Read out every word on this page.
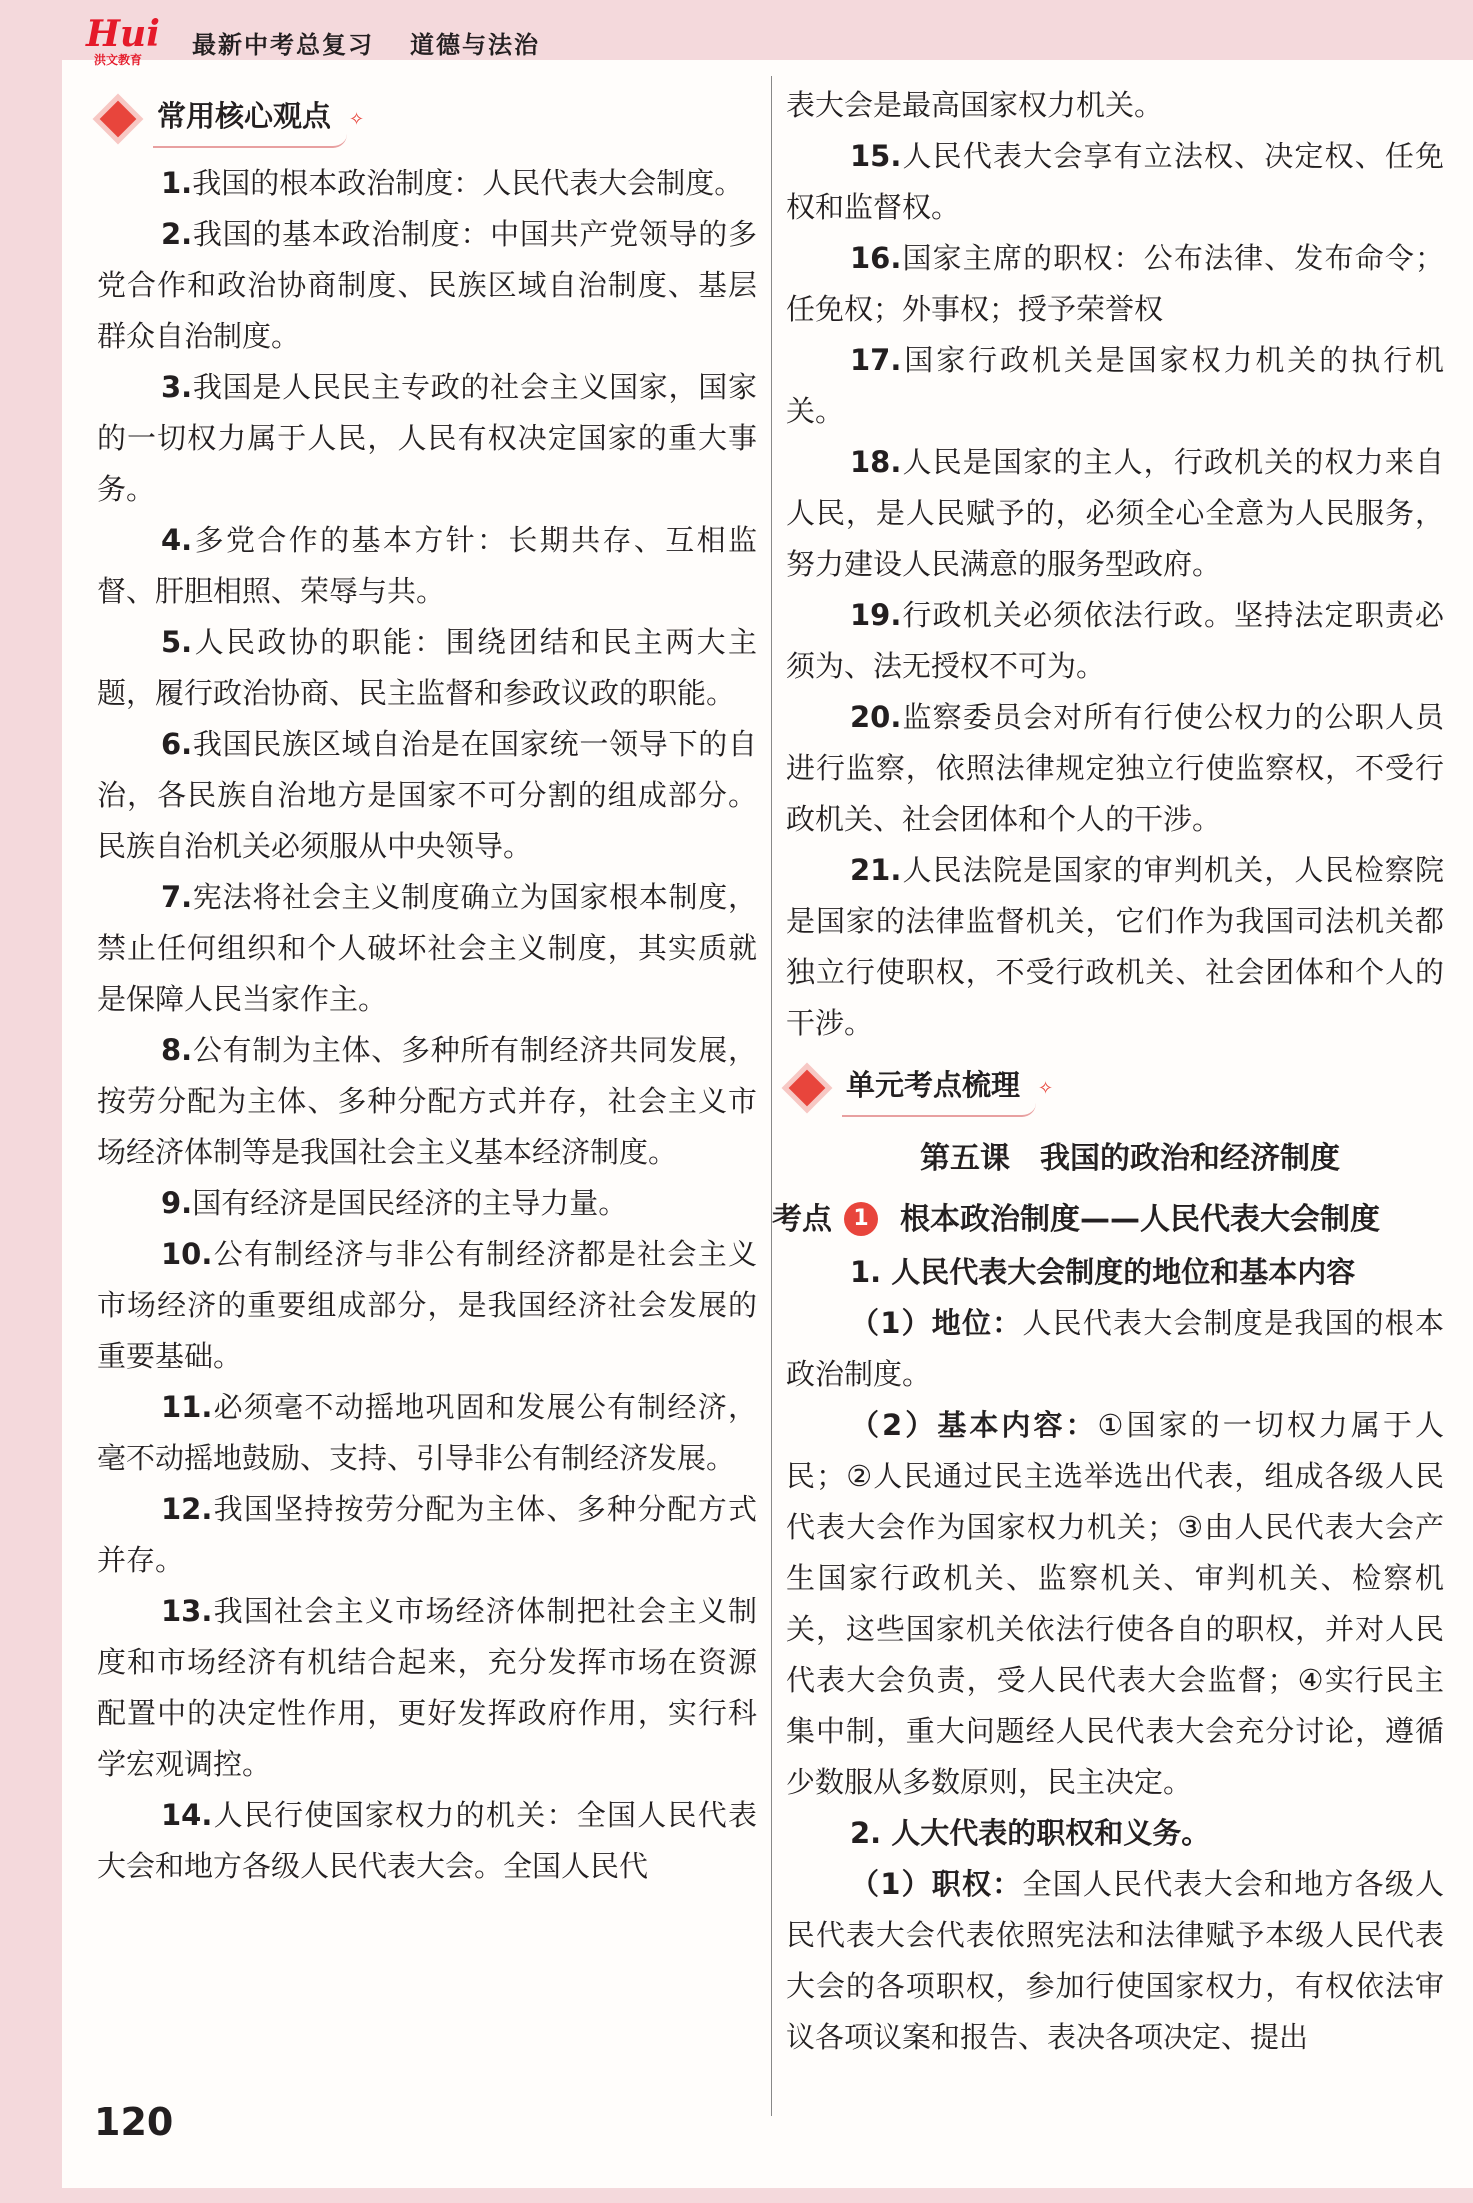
Hui
洪文教育
最新中考总复习 道德与法治
常用核心观点	✧

1.我国的根本政治制度：人民代表大会制度。

2.我国的基本政治制度：中国共产党领导的多党合作和政治协商制度、民族区域自治制度、基层群众自治制度。

3.我国是人民民主专政的社会主义国家，国家的一切权力属于人民，人民有权决定国家的重大事务。

4.多党合作的基本方针：长期共存、互相监督、肝胆相照、荣辱与共。

5.人民政协的职能：围绕团结和民主两大主题，履行政治协商、民主监督和参政议政的职能。

6.我国民族区域自治是在国家统一领导下的自治，各民族自治地方是国家不可分割的组成部分。民族自治机关必须服从中央领导。

7.宪法将社会主义制度确立为国家根本制度，禁止任何组织和个人破坏社会主义制度，其实质就是保障人民当家作主。

8.公有制为主体、多种所有制经济共同发展，按劳分配为主体、多种分配方式并存，社会主义市场经济体制等是我国社会主义基本经济制度。

9.国有经济是国民经济的主导力量。

10.公有制经济与非公有制经济都是社会主义市场经济的重要组成部分，是我国经济社会发展的重要基础。

11.必须毫不动摇地巩固和发展公有制经济，毫不动摇地鼓励、支持、引导非公有制经济发展。

12.我国坚持按劳分配为主体、多种分配方式并存。

13.我国社会主义市场经济体制把社会主义制度和市场经济有机结合起来，充分发挥市场在资源配置中的决定性作用，更好发挥政府作用，实行科学宏观调控。

14.人民行使国家权力的机关：全国人民代表大会和地方各级人民代表大会。全国人民代

表大会是最高国家权力机关。

15.人民代表大会享有立法权、决定权、任免权和监督权。

16.国家主席的职权：公布法律、发布命令；任免权；外事权；授予荣誉权

17.国家行政机关是国家权力机关的执行机关。

18.人民是国家的主人，行政机关的权力来自人民，是人民赋予的，必须全心全意为人民服务，努力建设人民满意的服务型政府。

19.行政机关必须依法行政。坚持法定职责必须为、法无授权不可为。

20.监察委员会对所有行使公权力的公职人员进行监察，依照法律规定独立行使监察权，不受行政机关、社会团体和个人的干涉。

21.人民法院是国家的审判机关，人民检察院是国家的法律监督机关，它们作为我国司法机关都独立行使职权，不受行政机关、社会团体和个人的干涉。

单元考点梳理	✧
第五课　我国的政治和经济制度
考点 1	根本政治制度——人民代表大会制度

1. 人民代表大会制度的地位和基本内容

（1）地位：人民代表大会制度是我国的根本政治制度。

（2）基本内容：①国家的一切权力属于人民；②人民通过民主选举选出代表，组成各级人民代表大会作为国家权力机关；③由人民代表大会产生国家行政机关、监察机关、审判机关、检察机关，这些国家机关依法行使各自的职权，并对人民代表大会负责，受人民代表大会监督；④实行民主集中制，重大问题经人民代表大会充分讨论，遵循少数服从多数原则，民主决定。

2. 人大代表的职权和义务。

（1）职权：全国人民代表大会和地方各级人民代表大会代表依照宪法和法律赋予本级人民代表大会的各项职权，参加行使国家权力，有权依法审议各项议案和报告、表决各项决定、提出

120
